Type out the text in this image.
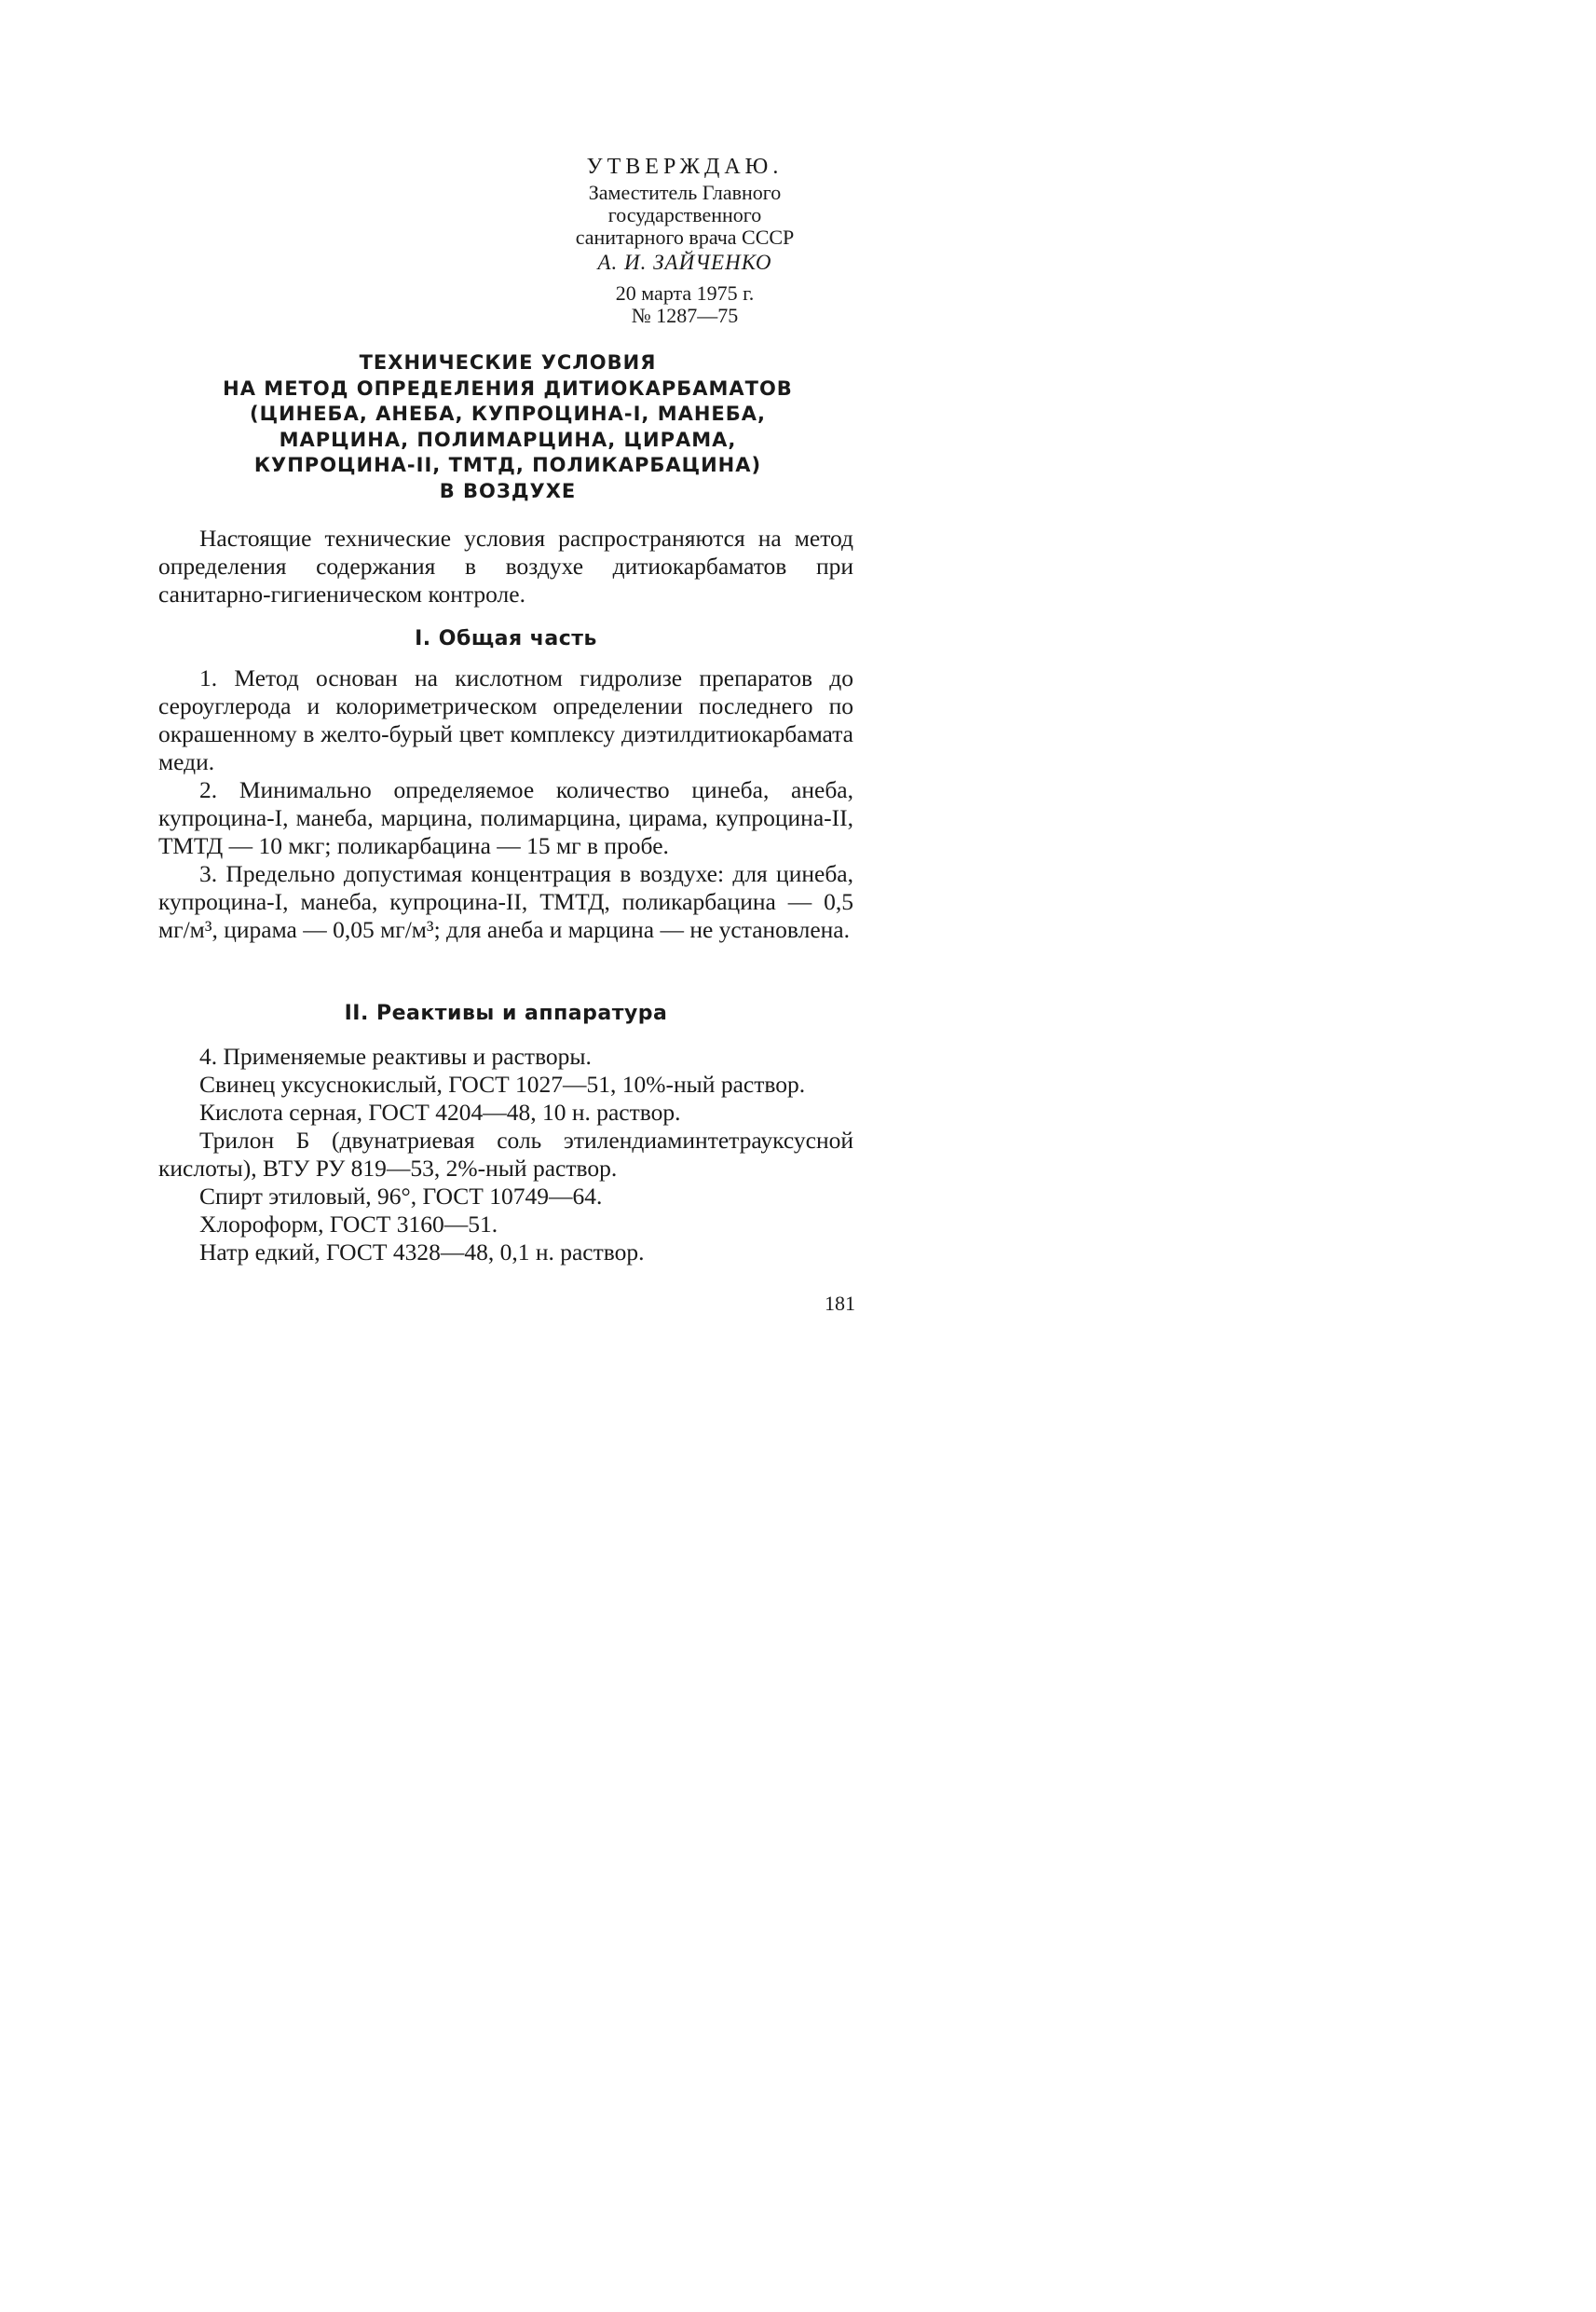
УТВЕРЖДАЮ.
Заместитель Главного
государственного
санитарного врача СССР
А. И. ЗАЙЧЕНКО
20 марта 1975 г.
№ 1287—75
ТЕХНИЧЕСКИЕ УСЛОВИЯ
НА МЕТОД ОПРЕДЕЛЕНИЯ ДИТИОКАРБАМАТОВ
(ЦИНЕБА, АНЕБА, КУПРОЦИНА-I, МАНЕБА,
МАРЦИНА, ПОЛИМАРЦИНА, ЦИРАМА,
КУПРОЦИНА-II, ТМТД, ПОЛИКАРБАЦИНА)
В ВОЗДУХЕ

Настоящие технические условия распространяются на метод определения содержания в воздухе дитиокарбаматов при санитарно-гигиеническом контроле.

I. Общая часть

1. Метод основан на кислотном гидролизе препаратов до сероуглерода и колориметрическом определении последнего по окрашенному в желто-бурый цвет комплексу диэтилдитиокарбамата меди.

2. Минимально определяемое количество цинеба, анеба, купроцина-I, манеба, марцина, полимарцина, цирама, купроцина-II, ТМТД — 10 мкг; поликарбацина — 15 мг в пробе.

3. Предельно допустимая концентрация в воздухе: для цинеба, купроцина-I, манеба, купроцина-II, ТМТД, поликарбацина — 0,5 мг/м³, цирама — 0,05 мг/м³; для анеба и марцина — не установлена.

II. Реактивы и аппаратура

4. Применяемые реактивы и растворы.

Свинец уксуснокислый, ГОСТ 1027—51, 10%-ный раствор.

Кислота серная, ГОСТ 4204—48, 10 н. раствор.

Трилон Б (двунатриевая соль этилендиаминтетрауксусной кислоты), ВТУ РУ 819—53, 2%-ный раствор.

Спирт этиловый, 96°, ГОСТ 10749—64.

Хлороформ, ГОСТ 3160—51.

Натр едкий, ГОСТ 4328—48, 0,1 н. раствор.

181
